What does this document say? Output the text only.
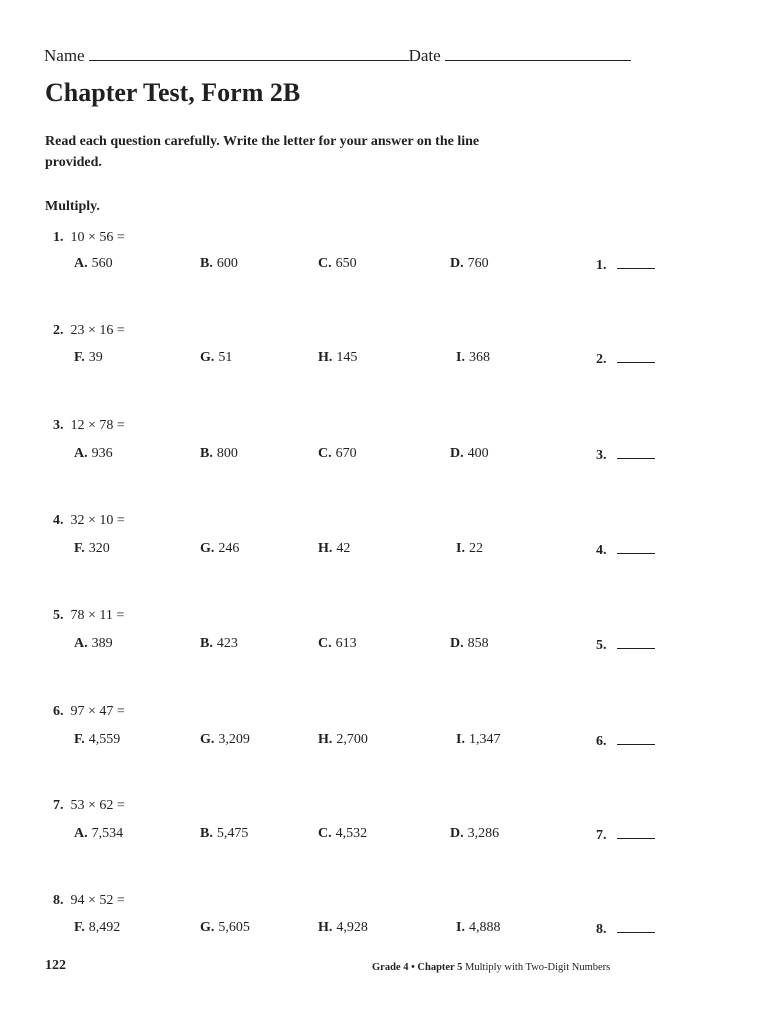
Name	Date
Chapter Test, Form 2B
Read each question carefully. Write the letter for your answer on the line provided.
Multiply.
1. 10 × 56 =
A. 560	B. 600	C. 650	D. 760	1.
2. 23 × 16 =
F. 39	G. 51	H. 145	I. 368	2.
3. 12 × 78 =
A. 936	B. 800	C. 670	D. 400	3.
4. 32 × 10 =
F. 320	G. 246	H. 42	I. 22	4.
5. 78 × 11 =
A. 389	B. 423	C. 613	D. 858	5.
6. 97 × 47 =
F. 4,559	G. 3,209	H. 2,700	I. 1,347	6.
7. 53 × 62 =
A. 7,534	B. 5,475	C. 4,532	D. 3,286	7.
8. 94 × 52 =
F. 8,492	G. 5,605	H. 4,928	I. 4,888	8.
122	Grade 4 • Chapter 5 Multiply with Two-Digit Numbers
